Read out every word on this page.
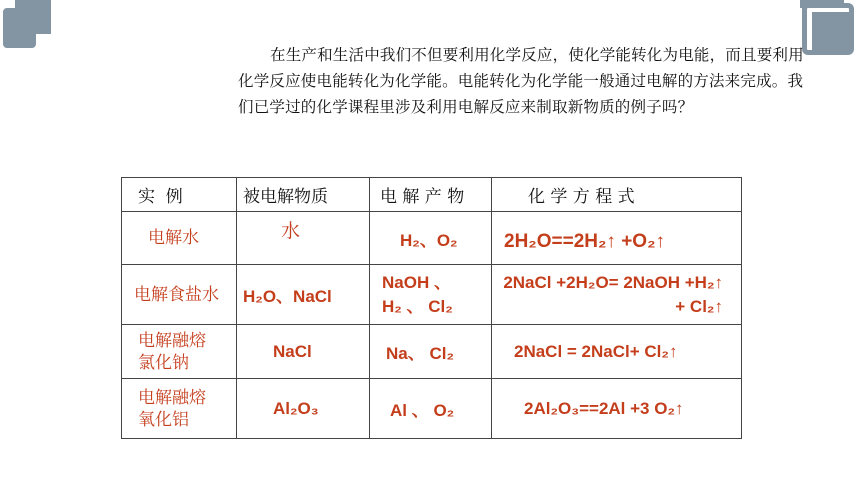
在生产和生活中我们不但要利用化学反应，使化学能转化为电能，而且要利用化学反应使电能转化为化学能。电能转化为化学能一般通过电解的方法来完成。我们已学过的化学课程里涉及利用电解反应来制取新物质的例子吗？

实  例	被电解物质	电 解 产 物	化 学 方 程 式

电解水	水	H₂、O₂	2H₂O==2H₂↑ +O₂↑

电解食盐水	H₂O、NaCl	NaOH 、 H₂ 、 Cl₂	2NaCl +2H₂O= 2NaOH +H₂↑ + Cl₂↑

电解融熔氯化钠	NaCl	Na、 Cl₂	2NaCl = 2NaCl+ Cl₂↑

电解融熔氧化铝	Al₂O₃	Al 、 O₂	2Al₂O₃==2Al +3 O₂↑
